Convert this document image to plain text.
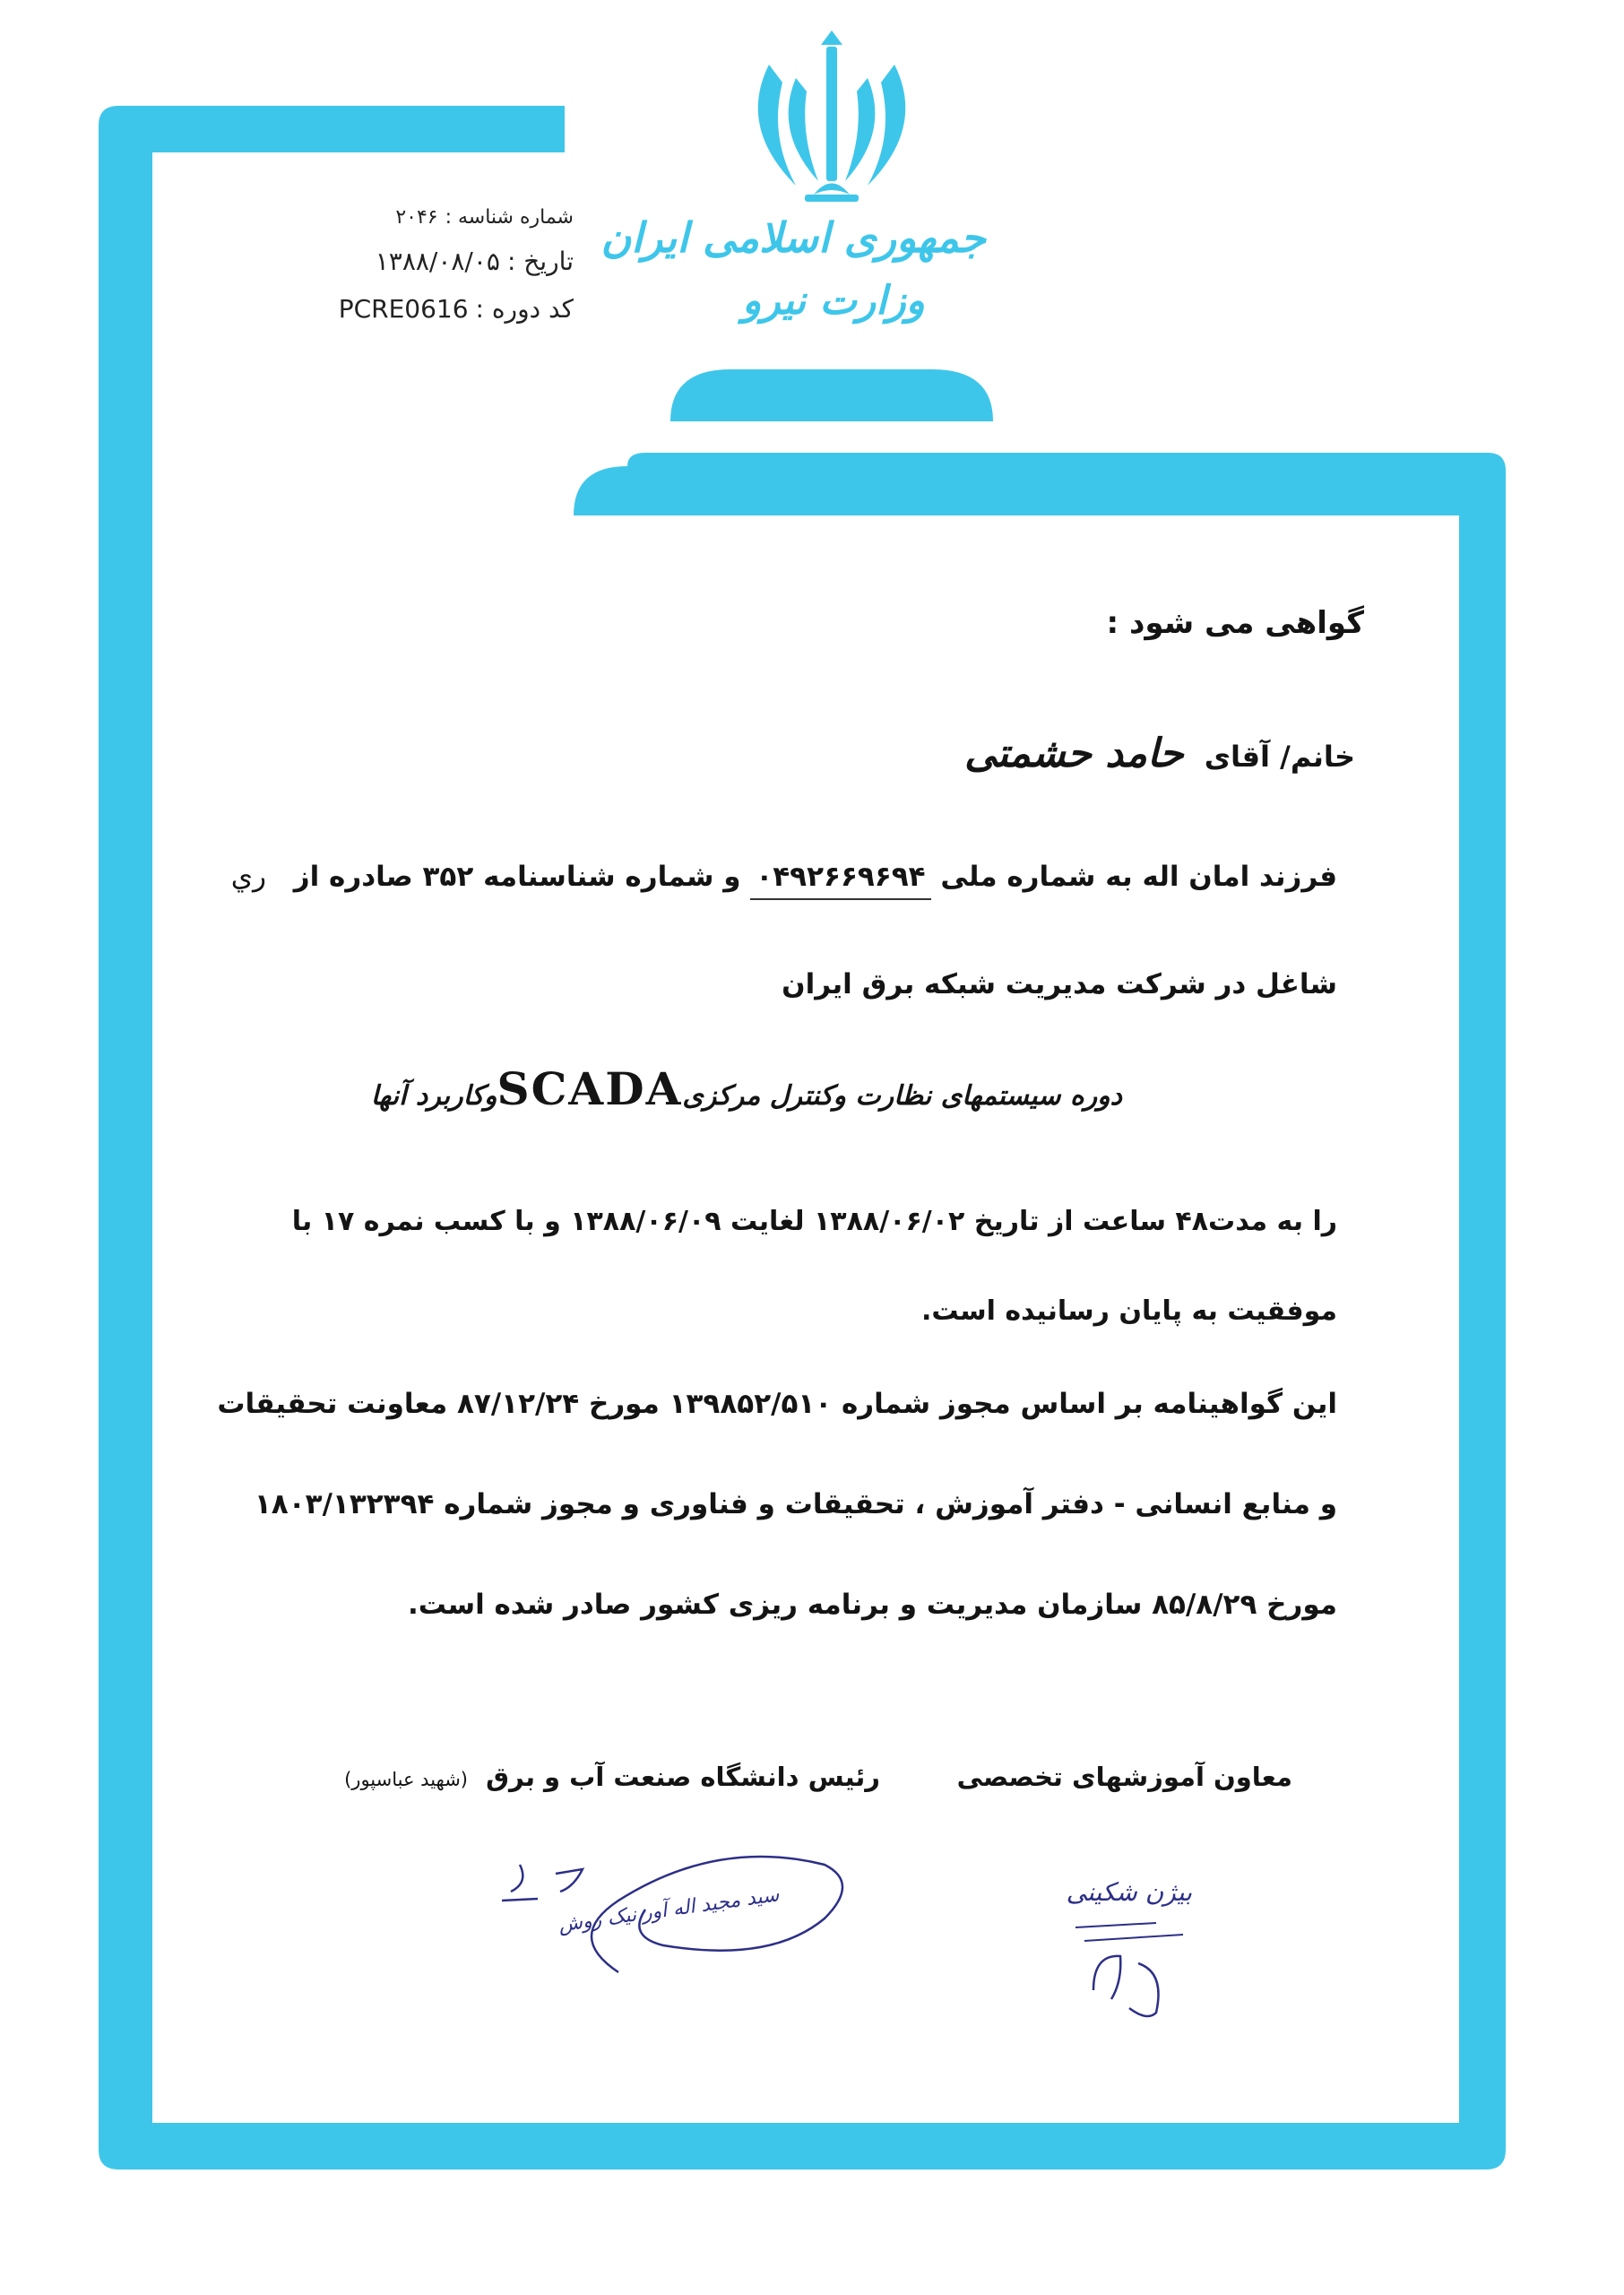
جمهوری اسلامی ایران
وزارت نیرو
شماره شناسه :۲۰۴۶
تاریخ :۱۳۸۸/۰۸/۰۵
کد دوره :PCRE0616
گواهی می شود :
خانم/ آقای حامد حشمتی
فرزند امان اله به شماره ملی ۰۴۹۲۶۶۹۶۹۴ و شماره شناسنامه ۳۵۲ صادره از ري
شاغل در شرکت مدیریت شبکه برق ایران
دوره سیستمهای نظارت وکنترل مرکزیSCADAوکاربرد آنها
را به مدت۴۸ ساعت از تاریخ ۱۳۸۸/۰۶/۰۲ لغایت ۱۳۸۸/۰۶/۰۹ و با کسب نمره ۱۷ با
موفقیت به پایان رسانیده است.
این گواهینامه بر اساس مجوز شماره ۱۳۹۸۵۲/۵۱۰ مورخ ۸۷/۱۲/۲۴ معاونت تحقیقات
و منابع انسانی - دفتر آموزش ، تحقیقات و فناوری و مجوز شماره ۱۸۰۳/۱۳۲۳۹۴
مورخ ۸۵/۸/۲۹ سازمان مدیریت و برنامه ریزی کشور صادر شده است.
معاون آموزشهای تخصصی
رئیس دانشگاه صنعت آب و برق (شهید عباسپور)
سید مجید اله آور نیک روش	بیژن شکینی
